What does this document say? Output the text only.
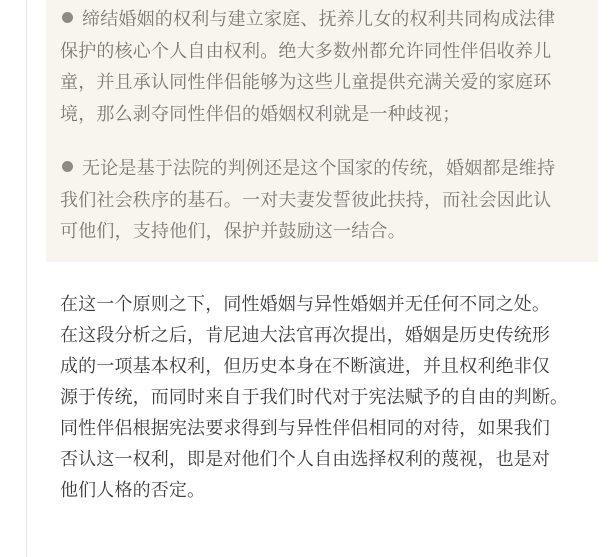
缔结婚姻的权利与建立家庭、抚养儿女的权利共同构成法律
保护的核心个人自由权利。绝大多数州都允许同性伴侣收养儿
童，并且承认同性伴侣能够为这些儿童提供充满关爱的家庭环
境，那么剥夺同性伴侣的婚姻权利就是一种歧视；
无论是基于法院的判例还是这个国家的传统，婚姻都是维持
我们社会秩序的基石。一对夫妻发誓彼此扶持，而社会因此认
可他们，支持他们，保护并鼓励这一结合。
在这一个原则之下，同性婚姻与异性婚姻并无任何不同之处。
在这段分析之后，肯尼迪大法官再次提出，婚姻是历史传统形
成的一项基本权利，但历史本身在不断演进，并且权利绝非仅
源于传统，而同时来自于我们时代对于宪法赋予的自由的判断。
同性伴侣根据宪法要求得到与异性伴侣相同的对待，如果我们
否认这一权利，即是对他们个人自由选择权利的蔑视，也是对
他们人格的否定。
